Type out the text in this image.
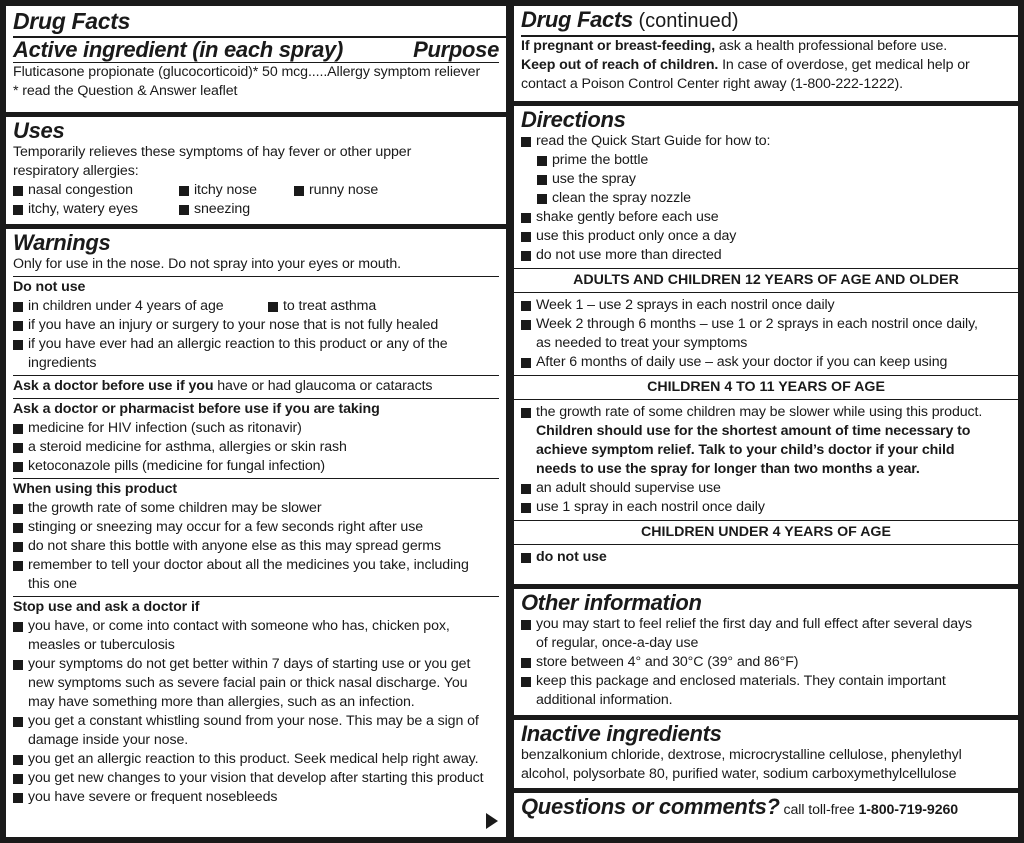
Drug Facts
Active ingredient (in each spray)	Purpose
Fluticasone propionate (glucocorticoid)* 50 mcg.....Allergy symptom reliever
* read the Question & Answer leaflet
Uses
Temporarily relieves these symptoms of hay fever or other upper
respiratory allergies:
nasal congestion	itchy nose	runny nose
itchy, watery eyes	sneezing
Warnings
Only for use in the nose. Do not spray into your eyes or mouth.
Do not use
in children under 4 years of age	to treat asthma
if you have an injury or surgery to your nose that is not fully healed
if you have ever had an allergic reaction to this product or any of the
ingredients
Ask a doctor before use if you have or had glaucoma or cataracts
Ask a doctor or pharmacist before use if you are taking
medicine for HIV infection (such as ritonavir)
a steroid medicine for asthma, allergies or skin rash
ketoconazole pills (medicine for fungal infection)
When using this product
the growth rate of some children may be slower
stinging or sneezing may occur for a few seconds right after use
do not share this bottle with anyone else as this may spread germs
remember to tell your doctor about all the medicines you take, including
this one
Stop use and ask a doctor if
you have, or come into contact with someone who has, chicken pox,
measles or tuberculosis
your symptoms do not get better within 7 days of starting use or you get
new symptoms such as severe facial pain or thick nasal discharge. You
may have something more than allergies, such as an infection.
you get a constant whistling sound from your nose. This may be a sign of
damage inside your nose.
you get an allergic reaction to this product. Seek medical help right away.
you get new changes to your vision that develop after starting this product
you have severe or frequent nosebleeds
Drug Facts (continued)
If pregnant or breast-feeding, ask a health professional before use.
Keep out of reach of children. In case of overdose, get medical help or
contact a Poison Control Center right away (1-800-222-1222).
Directions
read the Quick Start Guide for how to:
prime the bottle
use the spray
clean the spray nozzle
shake gently before each use
use this product only once a day
do not use more than directed
ADULTS AND CHILDREN 12 YEARS OF AGE AND OLDER
Week 1 – use 2 sprays in each nostril once daily
Week 2 through 6 months – use 1 or 2 sprays in each nostril once daily,
as needed to treat your symptoms
After 6 months of daily use – ask your doctor if you can keep using
CHILDREN 4 TO 11 YEARS OF AGE
the growth rate of some children may be slower while using this product.
Children should use for the shortest amount of time necessary to
achieve symptom relief. Talk to your child’s doctor if your child
needs to use the spray for longer than two months a year.
an adult should supervise use
use 1 spray in each nostril once daily
CHILDREN UNDER 4 YEARS OF AGE
do not use
Other information
you may start to feel relief the first day and full effect after several days
of regular, once-a-day use
store between 4° and 30°C (39° and 86°F)
keep this package and enclosed materials. They contain important
additional information.
Inactive ingredients
benzalkonium chloride, dextrose, microcrystalline cellulose, phenylethyl
alcohol, polysorbate 80, purified water, sodium carboxymethylcellulose
Questions or comments? call toll-free 1-800-719-9260
